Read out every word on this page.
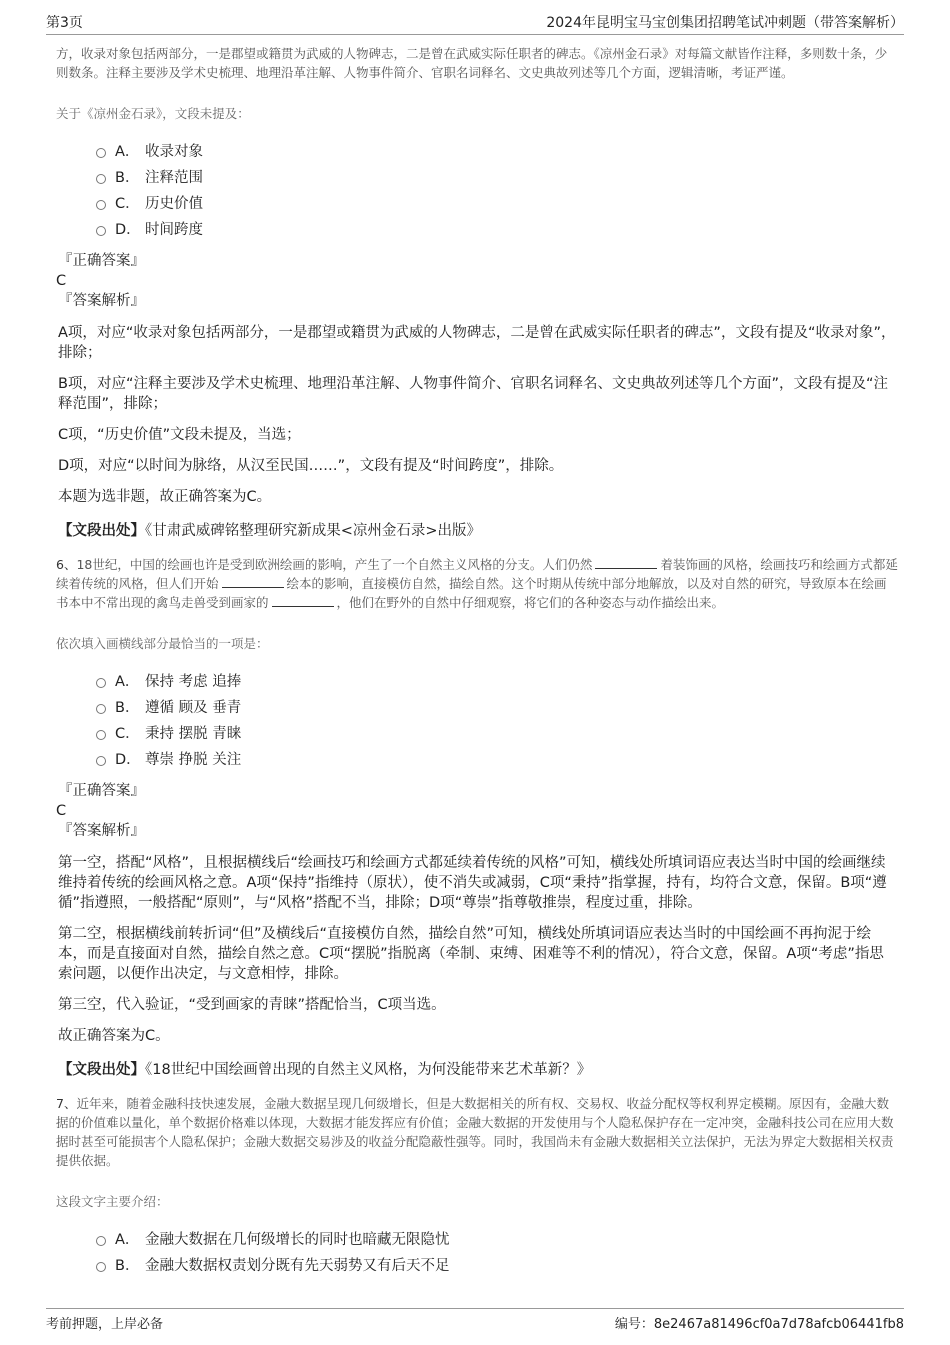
第3页	2024年昆明宝马宝创集团招聘笔试冲刺题（带答案解析）

方，收录对象包括两部分，一是郡望或籍贯为武威的人物碑志，二是曾在武威实际任职者的碑志。《凉州金石录》对每篇文献皆作注释，多则数十条，少则数条。注释主要涉及学术史梳理、地理沿革注解、人物事件简介、官职名词释名、文史典故列述等几个方面，逻辑清晰，考证严谨。

关于《凉州金石录》，文段未提及：

A． 收录对象
B． 注释范围
C． 历史价值
D． 时间跨度
『正确答案』
C
『答案解析』

A项，对应“收录对象包括两部分，一是郡望或籍贯为武威的人物碑志，二是曾在武威实际任职者的碑志”，文段有提及“收录对象”，排除；

B项，对应“注释主要涉及学术史梳理、地理沿革注解、人物事件简介、官职名词释名、文史典故列述等几个方面”，文段有提及“注释范围”，排除；

C项，“历史价值”文段未提及，当选；

D项，对应“以时间为脉络，从汉至民国……”，文段有提及“时间跨度”，排除。

本题为选非题，故正确答案为C。

【文段出处】《甘肃武威碑铭整理研究新成果<凉州金石录>出版》

6、18世纪，中国的绘画也许是受到欧洲绘画的影响，产生了一个自然主义风格的分支。人们仍然	着装饰画的风格，绘画技巧和绘画方式都延续着传统的风格，但人们开始	绘本的影响，直接模仿自然，描绘自然。这个时期从传统中部分地解放，以及对自然的研究，导致原本在绘画书本中不常出现的禽鸟走兽受到画家的	，他们在野外的自然中仔细观察，将它们的各种姿态与动作描绘出来。

依次填入画横线部分最恰当的一项是：

A． 保持 考虑 追捧
B． 遵循 顾及 垂青
C． 秉持 摆脱 青睐
D． 尊崇 挣脱 关注
『正确答案』
C
『答案解析』

第一空，搭配“风格”，且根据横线后“绘画技巧和绘画方式都延续着传统的风格”可知，横线处所填词语应表达当时中国的绘画继续维持着传统的绘画风格之意。A项“保持”指维持（原状），使不消失或减弱，C项“秉持”指掌握，持有，均符合文意，保留。B项“遵循”指遵照，一般搭配“原则”，与“风格”搭配不当，排除；D项“尊崇”指尊敬推崇，程度过重，排除。

第二空，根据横线前转折词“但”及横线后“直接模仿自然，描绘自然”可知，横线处所填词语应表达当时的中国绘画不再拘泥于绘本，而是直接面对自然，描绘自然之意。C项“摆脱”指脱离（牵制、束缚、困难等不利的情况），符合文意，保留。A项“考虑”指思索问题，以便作出决定，与文意相悖，排除。

第三空，代入验证，“受到画家的青睐”搭配恰当，C项当选。

故正确答案为C。

【文段出处】《18世纪中国绘画曾出现的自然主义风格，为何没能带来艺术革新？》

7、近年来，随着金融科技快速发展，金融大数据呈现几何级增长，但是大数据相关的所有权、交易权、收益分配权等权利界定模糊。原因有，金融大数据的价值难以量化，单个数据价格难以体现，大数据才能发挥应有价值；金融大数据的开发使用与个人隐私保护存在一定冲突，金融科技公司在应用大数据时甚至可能损害个人隐私保护；金融大数据交易涉及的收益分配隐蔽性强等。同时，我国尚未有金融大数据相关立法保护，无法为界定大数据相关权责提供依据。

这段文字主要介绍：

A． 金融大数据在几何级增长的同时也暗藏无限隐忧
B． 金融大数据权责划分既有先天弱势又有后天不足
考前押题，上岸必备	编号：8e2467a81496cf0a7d78afcb06441fb8
